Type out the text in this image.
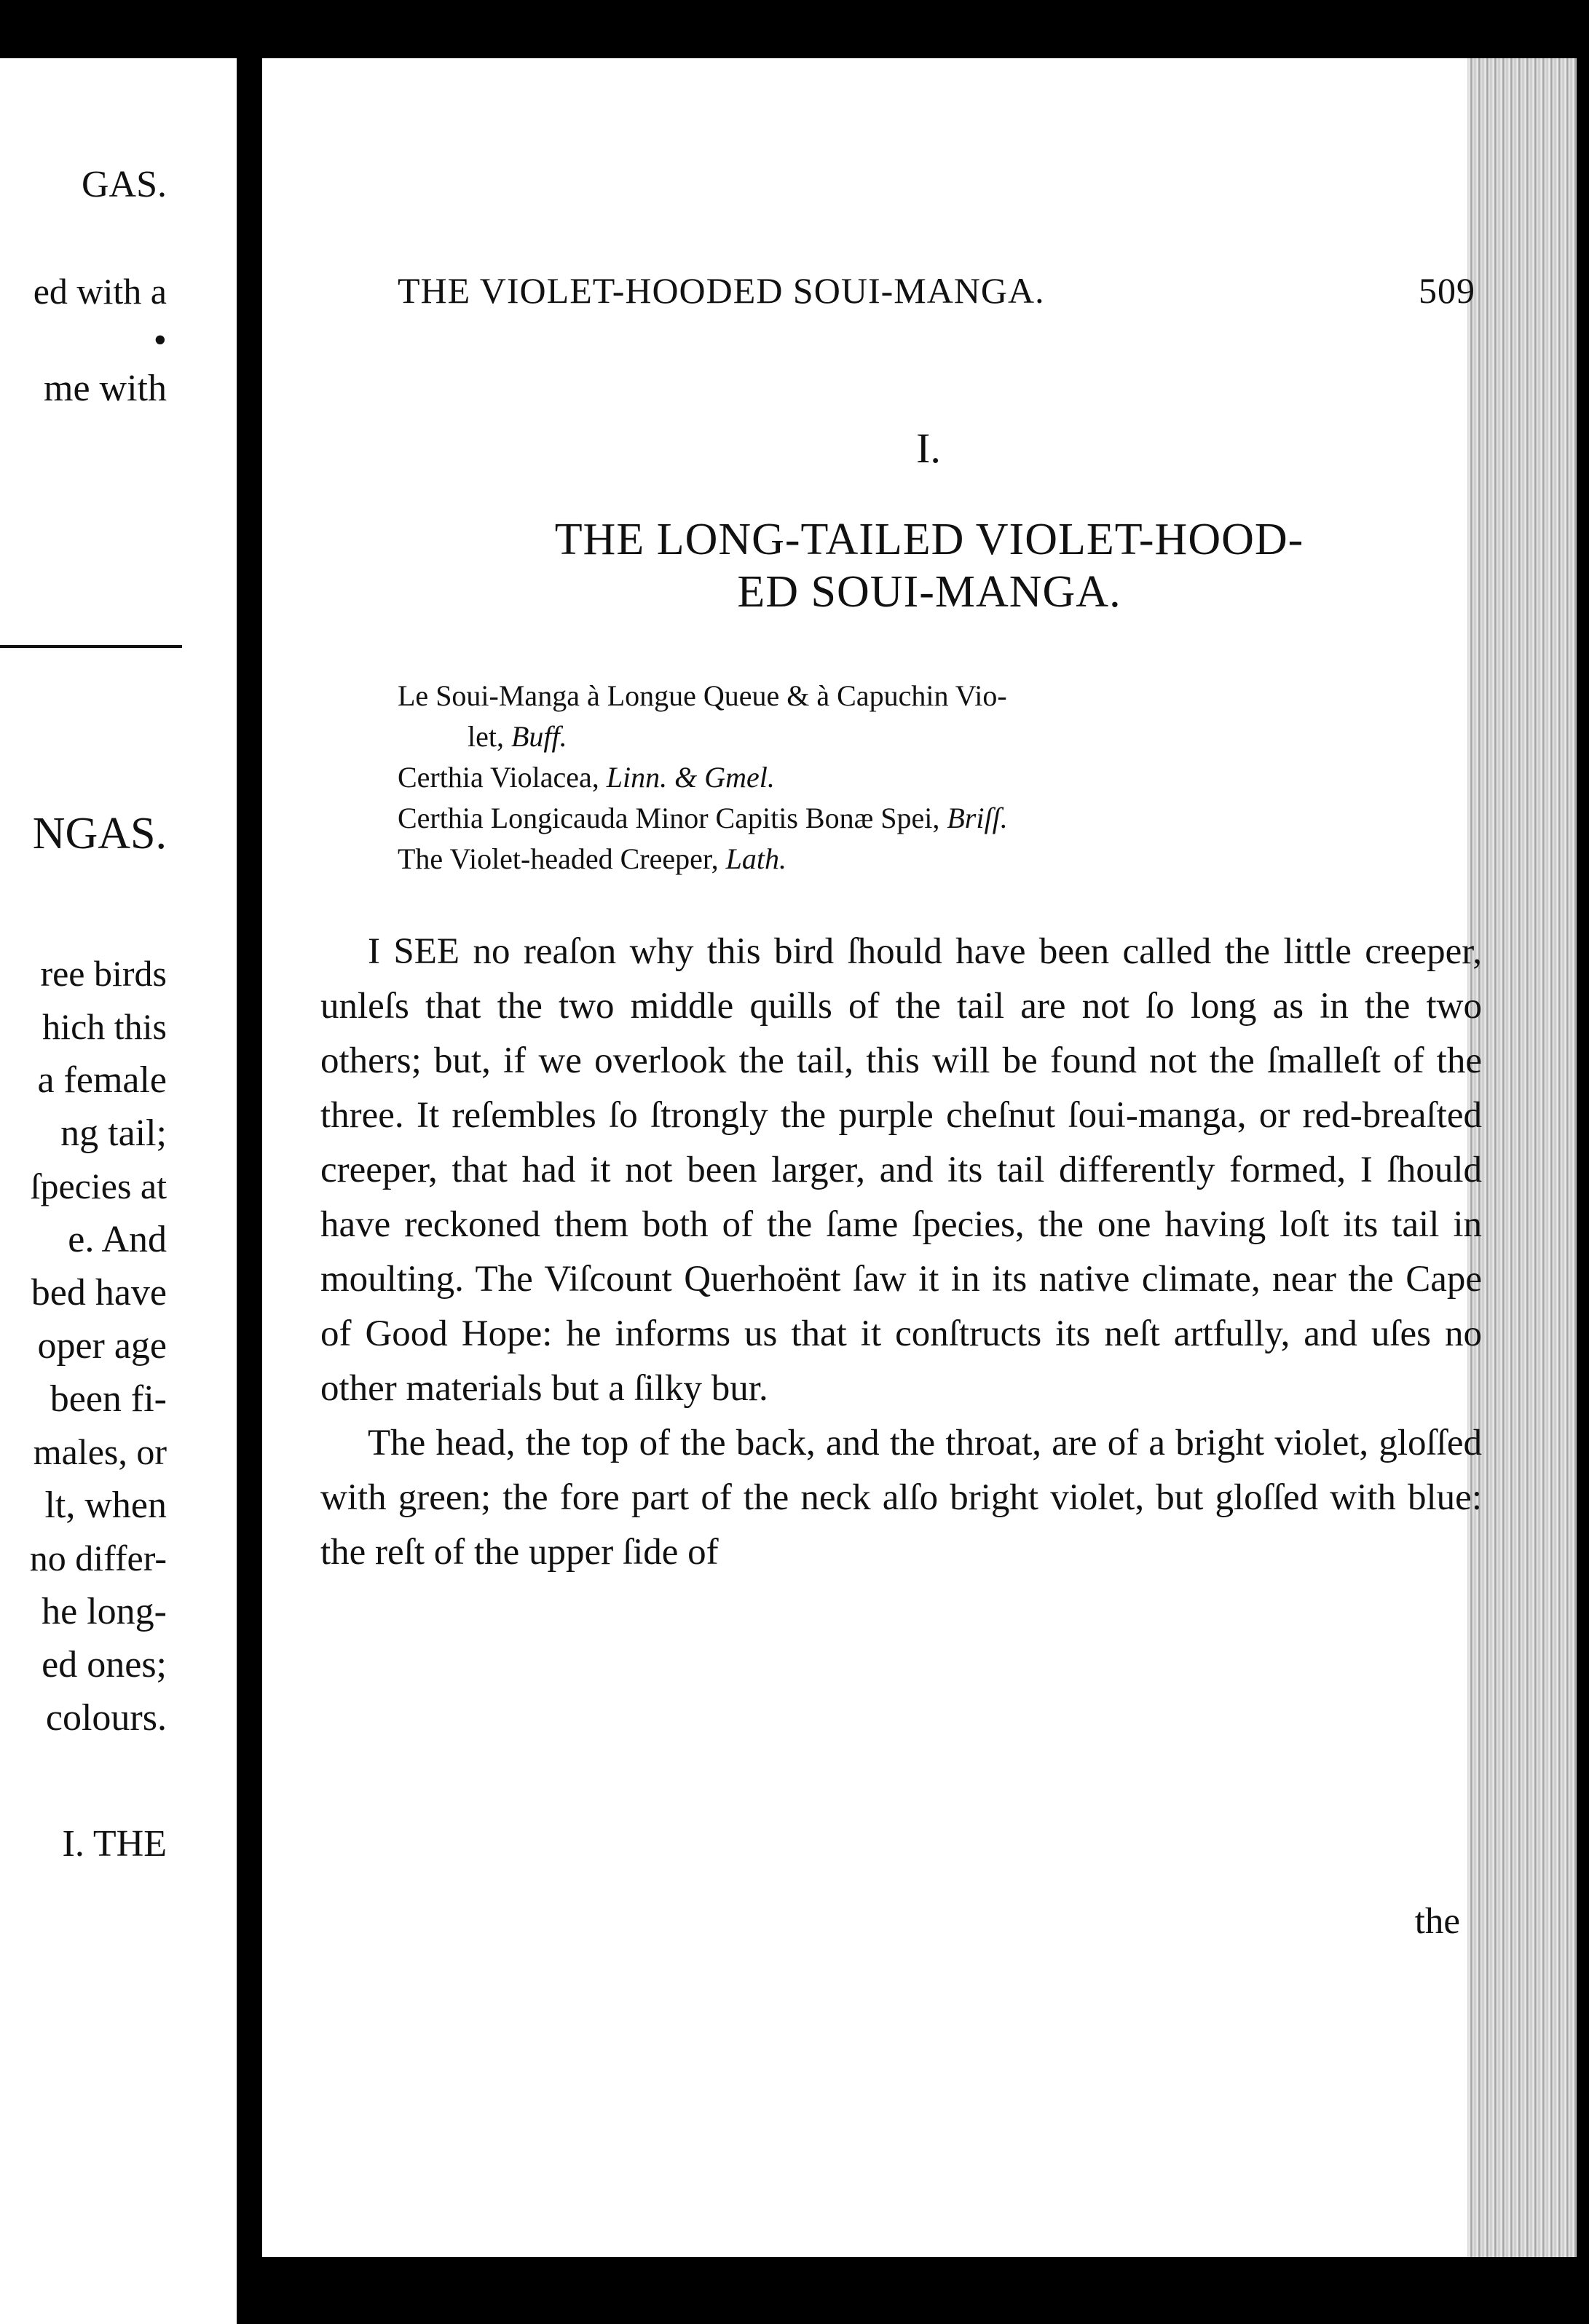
GAS.
ed with a
•
me with
NGAS.
ree birds
hich this
a female
ng tail;
ſpecies at
e. And
bed have
oper age
been fi-
males, or
lt, when
no differ-
he long-
ed ones;
colours.
I. THE
THE VIOLET-HOODED SOUI-MANGA.	509
I.
THE LONG-TAILED VIOLET-HOOD-
ED SOUI-MANGA.
Le Soui-Manga à Longue Queue & à Capuchin Vio-
let, Buff.
Certhia Violacea, Linn. & Gmel.
Certhia Longicauda Minor Capitis Bonæ Spei, Briſſ.
The Violet-headed Creeper, Lath.

I SEE no reaſon why this bird ſhould have been called the little creeper, unleſs that the two middle quills of the tail are not ſo long as in the two others; but, if we overlook the tail, this will be found not the ſmalleſt of the three. It reſembles ſo ſtrongly the purple cheſnut ſoui-manga, or red-breaſted creeper, that had it not been larger, and its tail differently formed, I ſhould have reckoned them both of the ſame ſpecies, the one having loſt its tail in moulting. The Viſcount Querhoënt ſaw it in its native climate, near the Cape of Good Hope: he informs us that it conſtructs its neſt artfully, and uſes no other materials but a ſilky bur.

The head, the top of the back, and the throat, are of a bright violet, gloſſed with green; the fore part of the neck alſo bright violet, but gloſſed with blue: the reſt of the upper ſide of

the
